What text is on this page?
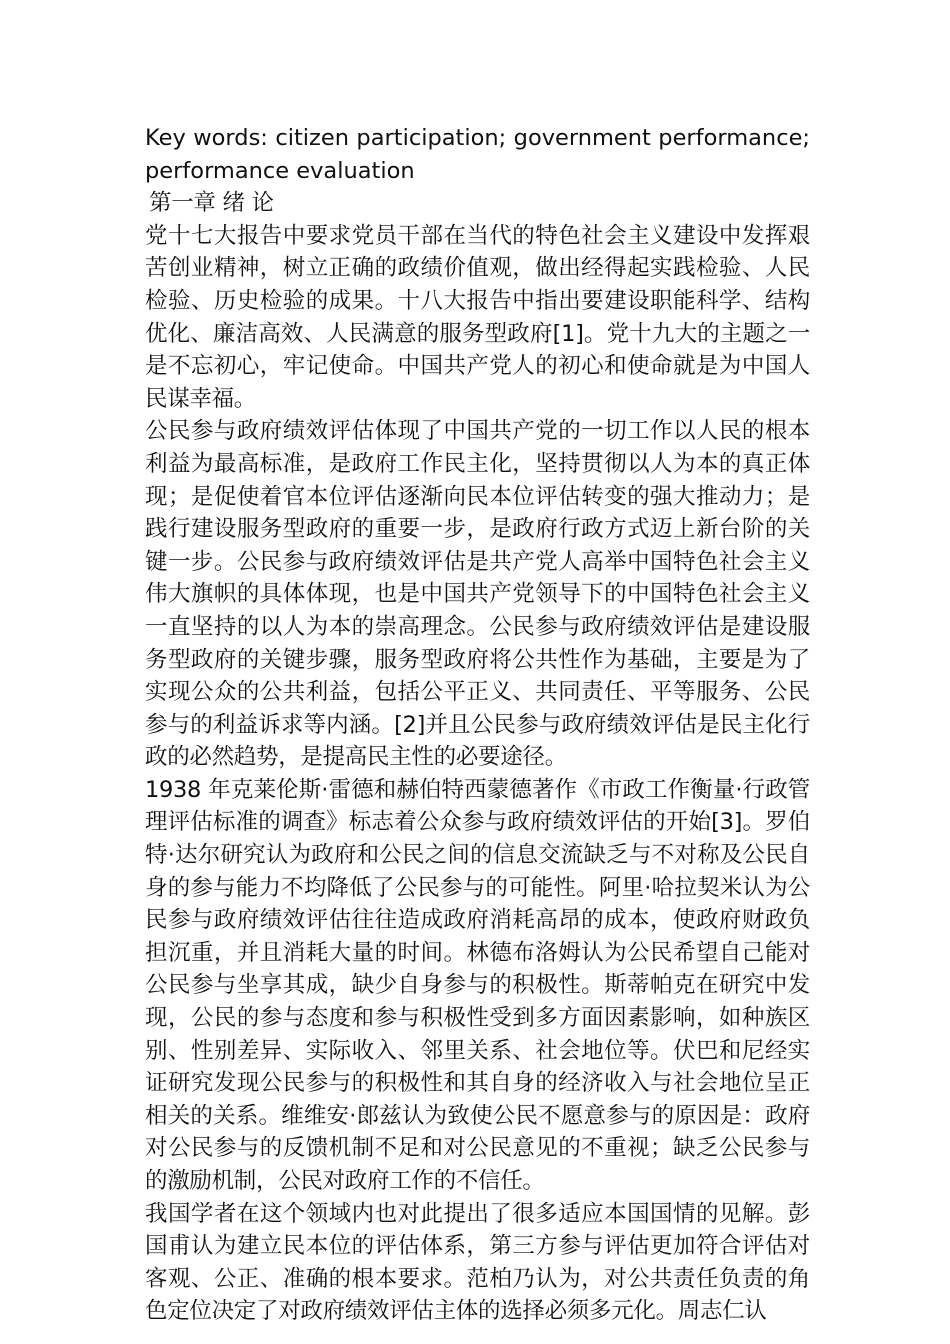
Key words: citizen participation; government performance; performance evaluation

第一章 绪 论

党十七大报告中要求党员干部在当代的特色社会主义建设中发挥艰苦创业精神，树立正确的政绩价值观，做出经得起实践检验、人民检验、历史检验的成果。十八大报告中指出要建设职能科学、结构优化、廉洁高效、人民满意的服务型政府[1]。党十九大的主题之一是不忘初心，牢记使命。中国共产党人的初心和使命就是为中国人民谋幸福。

公民参与政府绩效评估体现了中国共产党的一切工作以人民的根本利益为最高标准，是政府工作民主化，坚持贯彻以人为本的真正体现；是促使着官本位评估逐渐向民本位评估转变的强大推动力；是践行建设服务型政府的重要一步，是政府行政方式迈上新台阶的关键一步。公民参与政府绩效评估是共产党人高举中国特色社会主义伟大旗帜的具体体现，也是中国共产党领导下的中国特色社会主义一直坚持的以人为本的崇高理念。公民参与政府绩效评估是建设服务型政府的关键步骤，服务型政府将公共性作为基础，主要是为了实现公众的公共利益，包括公平正义、共同责任、平等服务、公民参与的利益诉求等内涵。[2]并且公民参与政府绩效评估是民主化行政的必然趋势，是提高民主性的必要途径。

1938 年克莱伦斯·雷德和赫伯特西蒙德著作《市政工作衡量·行政管理评估标准的调查》标志着公众参与政府绩效评估的开始[3]。罗伯特·达尔研究认为政府和公民之间的信息交流缺乏与不对称及公民自身的参与能力不均降低了公民参与的可能性。阿里·哈拉契米认为公民参与政府绩效评估往往造成政府消耗高昂的成本，使政府财政负担沉重，并且消耗大量的时间。林德布洛姆认为公民希望自己能对公民参与坐享其成，缺少自身参与的积极性。斯蒂帕克在研究中发现，公民的参与态度和参与积极性受到多方面因素影响，如种族区别、性别差异、实际收入、邻里关系、社会地位等。伏巴和尼经实证研究发现公民参与的积极性和其自身的经济收入与社会地位呈正相关的关系。维维安·郎兹认为致使公民不愿意参与的原因是：政府对公民参与的反馈机制不足和对公民意见的不重视；缺乏公民参与的激励机制，公民对政府工作的不信任。

我国学者在这个领域内也对此提出了很多适应本国国情的见解。彭国甫认为建立民本位的评估体系，第三方参与评估更加符合评估对客观、公正、准确的根本要求。范柏乃认为，对公共责任负责的角色定位决定了对政府绩效评估主体的选择必须多元化。周志仁认
